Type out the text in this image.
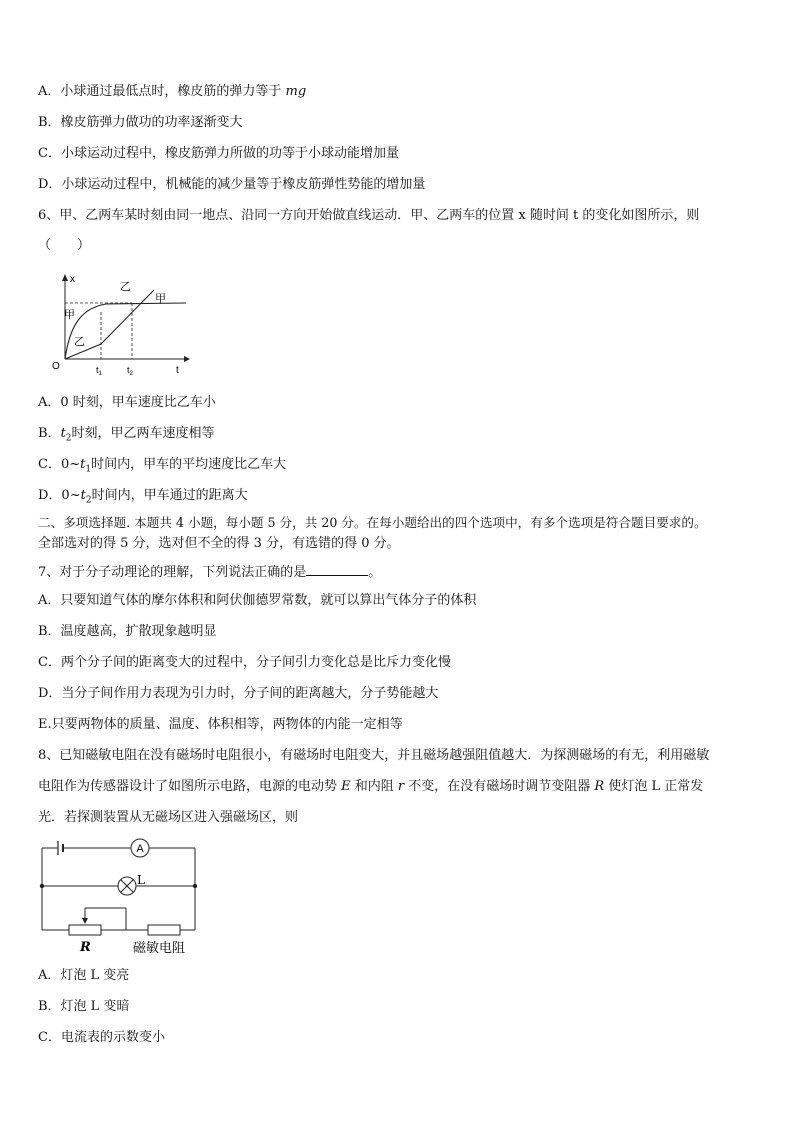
A．小球通过最低点时，橡皮筋的弹力等于 mg
B．橡皮筋弹力做功的功率逐渐变大
C．小球运动过程中，橡皮筋弹力所做的功等于小球动能增加量
D．小球运动过程中，机械能的减少量等于橡皮筋弹性势能的增加量
6、甲、乙两车某时刻由同一地点、沿同一方向开始做直线运动．甲、乙两车的位置 x 随时间 t 的变化如图所示，则
（　　）
x
t
O	$t_1$	$t_2$
乙
甲
甲
乙
A．0 时刻，甲车速度比乙车小
B．$t_2$时刻，甲乙两车速度相等
C．$0\sim t_1$时间内，甲车的平均速度比乙车大
D．$0\sim t_2$时间内，甲车通过的距离大
二、多项选择题. 本题共 4 小题，每小题 5 分，共 20 分。在每小题给出的四个选项中，有多个选项是符合题目要求的。
全部选对的得 5 分，选对但不全的得 3 分，有选错的得 0 分。
7、对于分子动理论的理解，下列说法正确的是	。
A．只要知道气体的摩尔体积和阿伏伽德罗常数，就可以算出气体分子的体积
B．温度越高，扩散现象越明显
C．两个分子间的距离变大的过程中，分子间引力变化总是比斥力变化慢
D．当分子间作用力表现为引力时，分子间的距离越大，分子势能越大
E.只要两物体的质量、温度、体积相等，两物体的内能一定相等
8、已知磁敏电阻在没有磁场时电阻很小，有磁场时电阻变大，并且磁场越强阻值越大．为探测磁场的有无，利用磁敏
电阻作为传感器设计了如图所示电路，电源的电动势 E 和内阻 r 不变，在没有磁场时调节变阻器 R 使灯泡 L 正常发
光．若探测装置从无磁场区进入强磁场区，则
A
L
R	磁敏电阻
A．灯泡 L 变亮
B．灯泡 L 变暗
C．电流表的示数变小
